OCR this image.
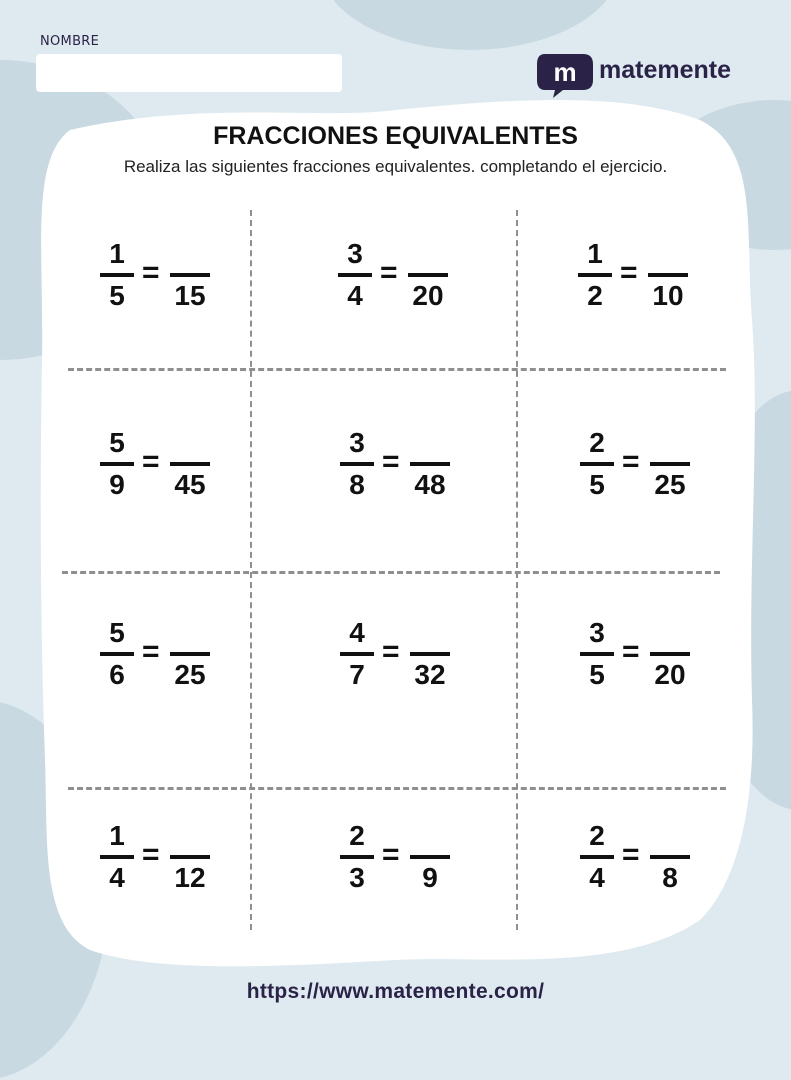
NOMBRE
m matemente
FRACCIONES EQUIVALENTES
Realiza las siguientes fracciones equivalentes. completando el ejercicio.
1
5
=
15
3
4
=
20
1
2
=
10
5
9
=
45
3
8
=
48
2
5
=
25
5
6
=
25
4
7
=
32
3
5
=
20
1
4
=
12
2
3
=
9
2
4
=
8
https://www.matemente.com/
